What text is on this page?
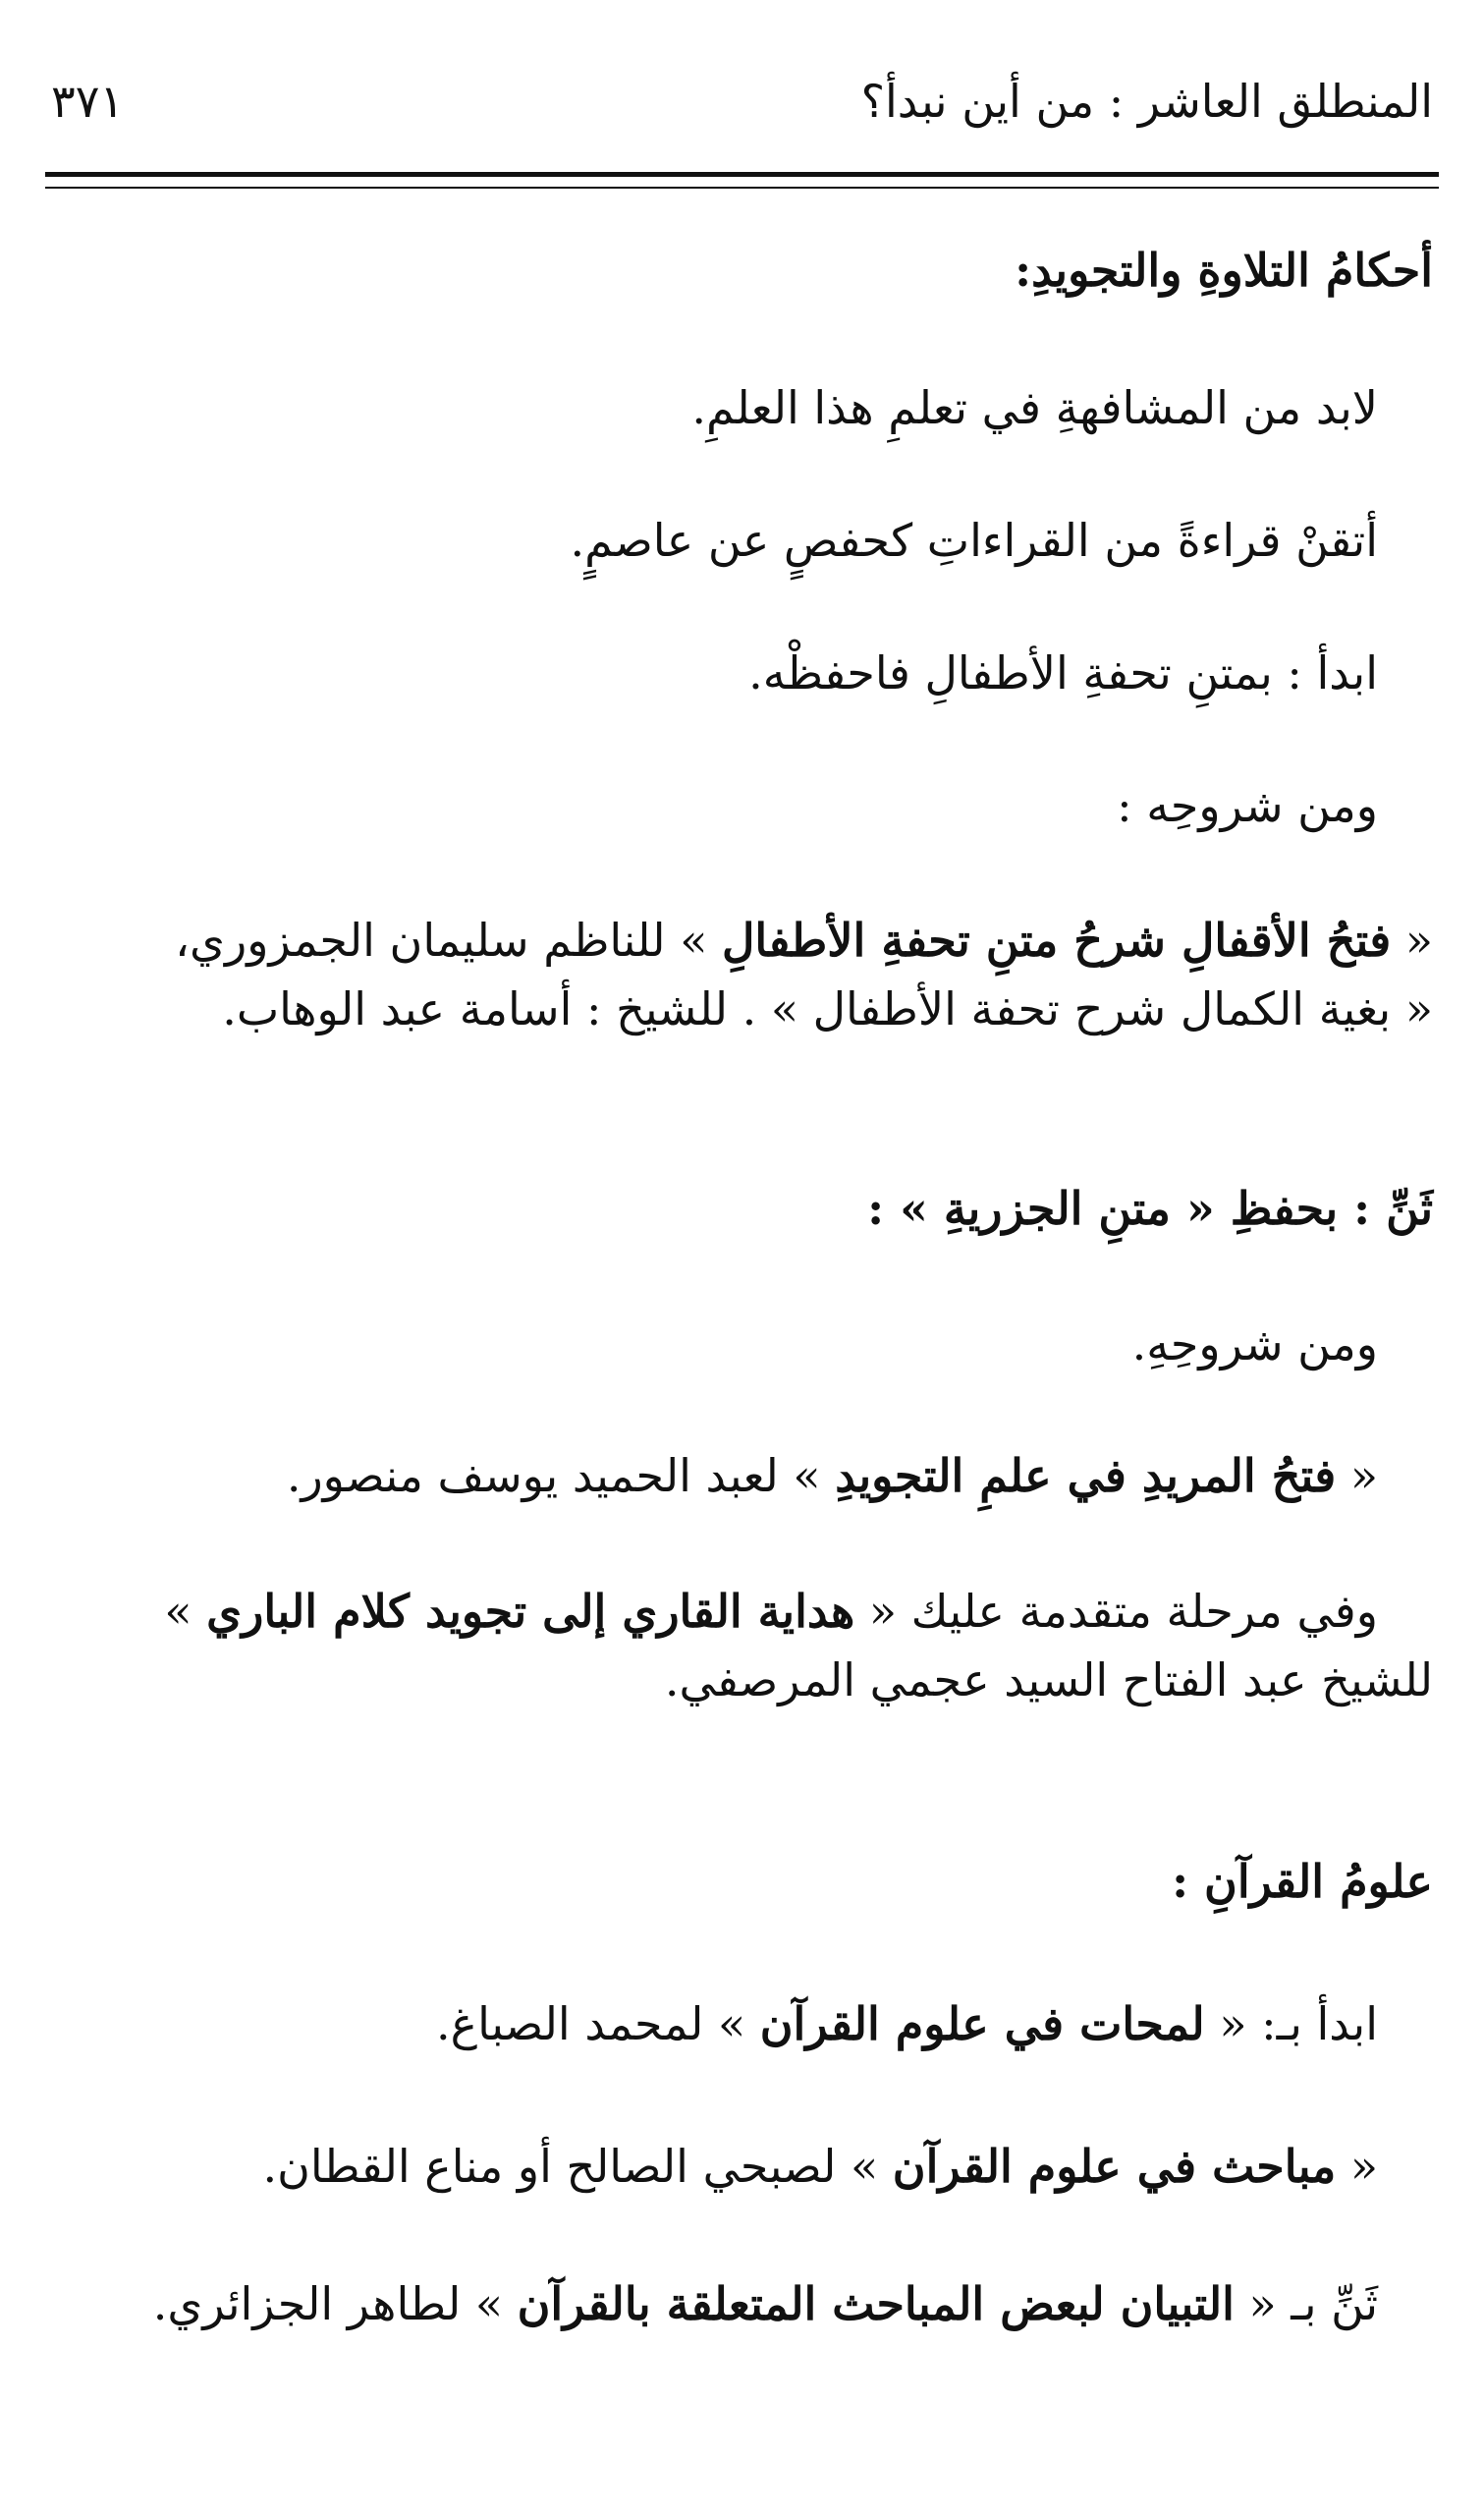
المنطلق العاشر : من أين نبدأ؟
٣٧١
أحكامُ التلاوةِ والتجويدِ:
لابد من المشافهةِ في تعلمِ هذا العلمِ.
أتقنْ قراءةً من القراءاتِ كحفصٍ عن عاصمٍ.
ابدأ : بمتنِ تحفةِ الأطفالِ فاحفظْه.
ومن شروحِه :
« فتحُ الأقفالِ شرحُ متنِ تحفةِ الأطفالِ » للناظم سليمان الجمزوري،
« بغية الكمال شرح تحفة الأطفال » . للشيخ : أسامة عبد الوهاب.
ثَنِّ : بحفظِ « متنِ الجزريةِ » :
ومن شروحِهِ.
« فتحُ المريدِ في علمِ التجويدِ » لعبد الحميد يوسف منصور.
وفي مرحلة متقدمة عليك « هداية القاري إلى تجويد كلام الباري »
للشيخ عبد الفتاح السيد عجمي المرصفي.
علومُ القرآنِ :
ابدأ بـ: « لمحات في علوم القرآن » لمحمد الصباغ.
« مباحث في علوم القرآن » لصبحي الصالح أو مناع القطان.
ثَنِّ بـ « التبيان لبعض المباحث المتعلقة بالقرآن » لطاهر الجزائري.
